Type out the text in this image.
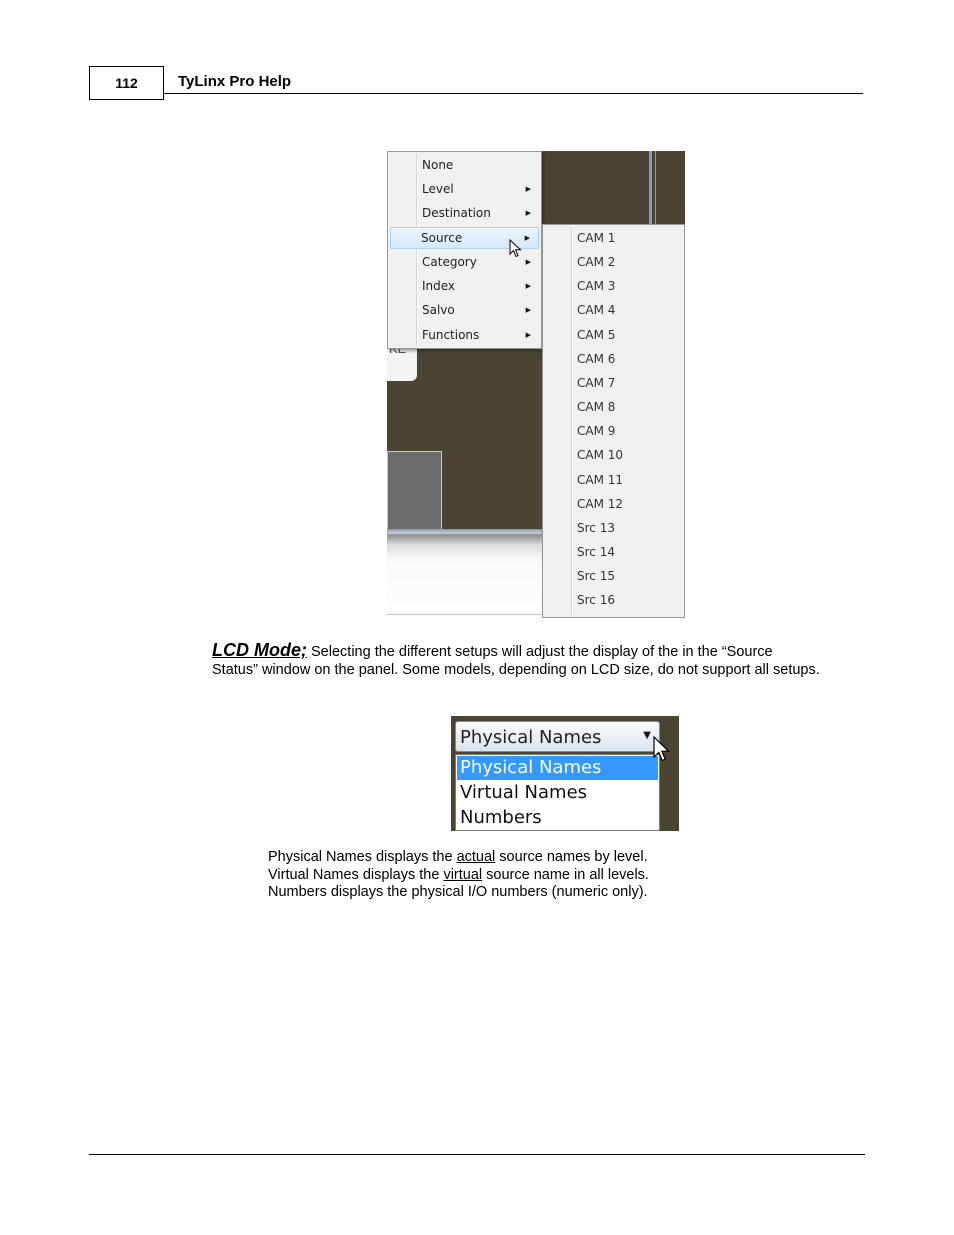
112	TyLinx Pro Help
None
Level	▶
Destination	▶
Source	▶
Category	▶
Index	▶
Salvo	▶
Functions	▶
CAM 1
CAM 2
CAM 3
CAM 4
CAM 5
CAM 6
CAM 7
CAM 8
CAM 9
CAM 10
CAM 11
CAM 12
Src 13
Src 14
Src 15
Src 16
LCD Mode; Selecting the different setups will adjust the display of the in the “Source Status” window on the panel. Some models, depending on LCD size, do not support all setups.
Physical Names	▼
Physical Names
Virtual Names
Numbers
Physical Names displays the actual source names by level.
Virtual Names displays the virtual source name in all levels.
Numbers displays the physical I/O numbers (numeric only).
